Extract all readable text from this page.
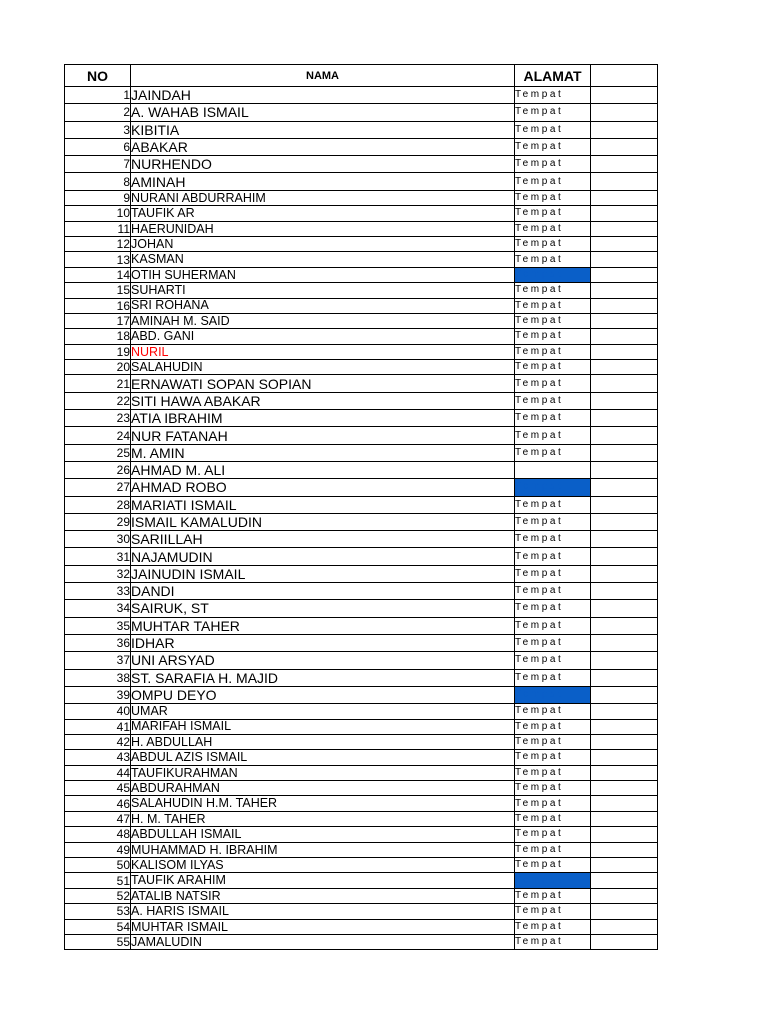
NO	NAMA	ALAMAT	
1	JAINDAH	Tempat	
2	A. WAHAB ISMAIL	Tempat	
3	KIBITIA	Tempat	
6	ABAKAR	Tempat	
7	NURHENDO	Tempat	
8	AMINAH	Tempat	
9	NURANI ABDURRAHIM	Tempat	
10	TAUFIK AR	Tempat	
11	HAERUNIDAH	Tempat	
12	JOHAN	Tempat	
13	KASMAN	Tempat	
14	OTIH SUHERMAN	Tempat	
15	SUHARTI	Tempat	
16	SRI ROHANA	Tempat	
17	AMINAH M. SAID	Tempat	
18	ABD. GANI	Tempat	
19	NURIL	Tempat	
20	SALAHUDIN	Tempat	
21	ERNAWATI SOPAN SOPIAN	Tempat	
22	SITI HAWA ABAKAR	Tempat	
23	ATIA IBRAHIM	Tempat	
24	NUR FATANAH	Tempat	
25	M. AMIN	Tempat	
26	AHMAD M. ALI		
27	AHMAD ROBO	Tempat	
28	MARIATI ISMAIL	Tempat	
29	ISMAIL KAMALUDIN	Tempat	
30	SARIILLAH	Tempat	
31	NAJAMUDIN	Tempat	
32	JAINUDIN ISMAIL	Tempat	
33	DANDI	Tempat	
34	SAIRUK, ST	Tempat	
35	MUHTAR TAHER	Tempat	
36	IDHAR	Tempat	
37	UNI ARSYAD	Tempat	
38	ST. SARAFIA H. MAJID	Tempat	
39	OMPU DEYO	Tempat	
40	UMAR	Tempat	
41	MARIFAH ISMAIL	Tempat	
42	H. ABDULLAH	Tempat	
43	ABDUL AZIS ISMAIL	Tempat	
44	TAUFIKURAHMAN	Tempat	
45	ABDURAHMAN	Tempat	
46	SALAHUDIN H.M. TAHER	Tempat	
47	H. M. TAHER	Tempat	
48	ABDULLAH ISMAIL	Tempat	
49	MUHAMMAD H. IBRAHIM	Tempat	
50	KALISOM ILYAS	Tempat	
51	TAUFIK ARAHIM	Tempat	
52	ATALIB NATSIR	Tempat	
53	A. HARIS ISMAIL	Tempat	
54	MUHTAR ISMAIL	Tempat	
55	JAMALUDIN	Tempat	
